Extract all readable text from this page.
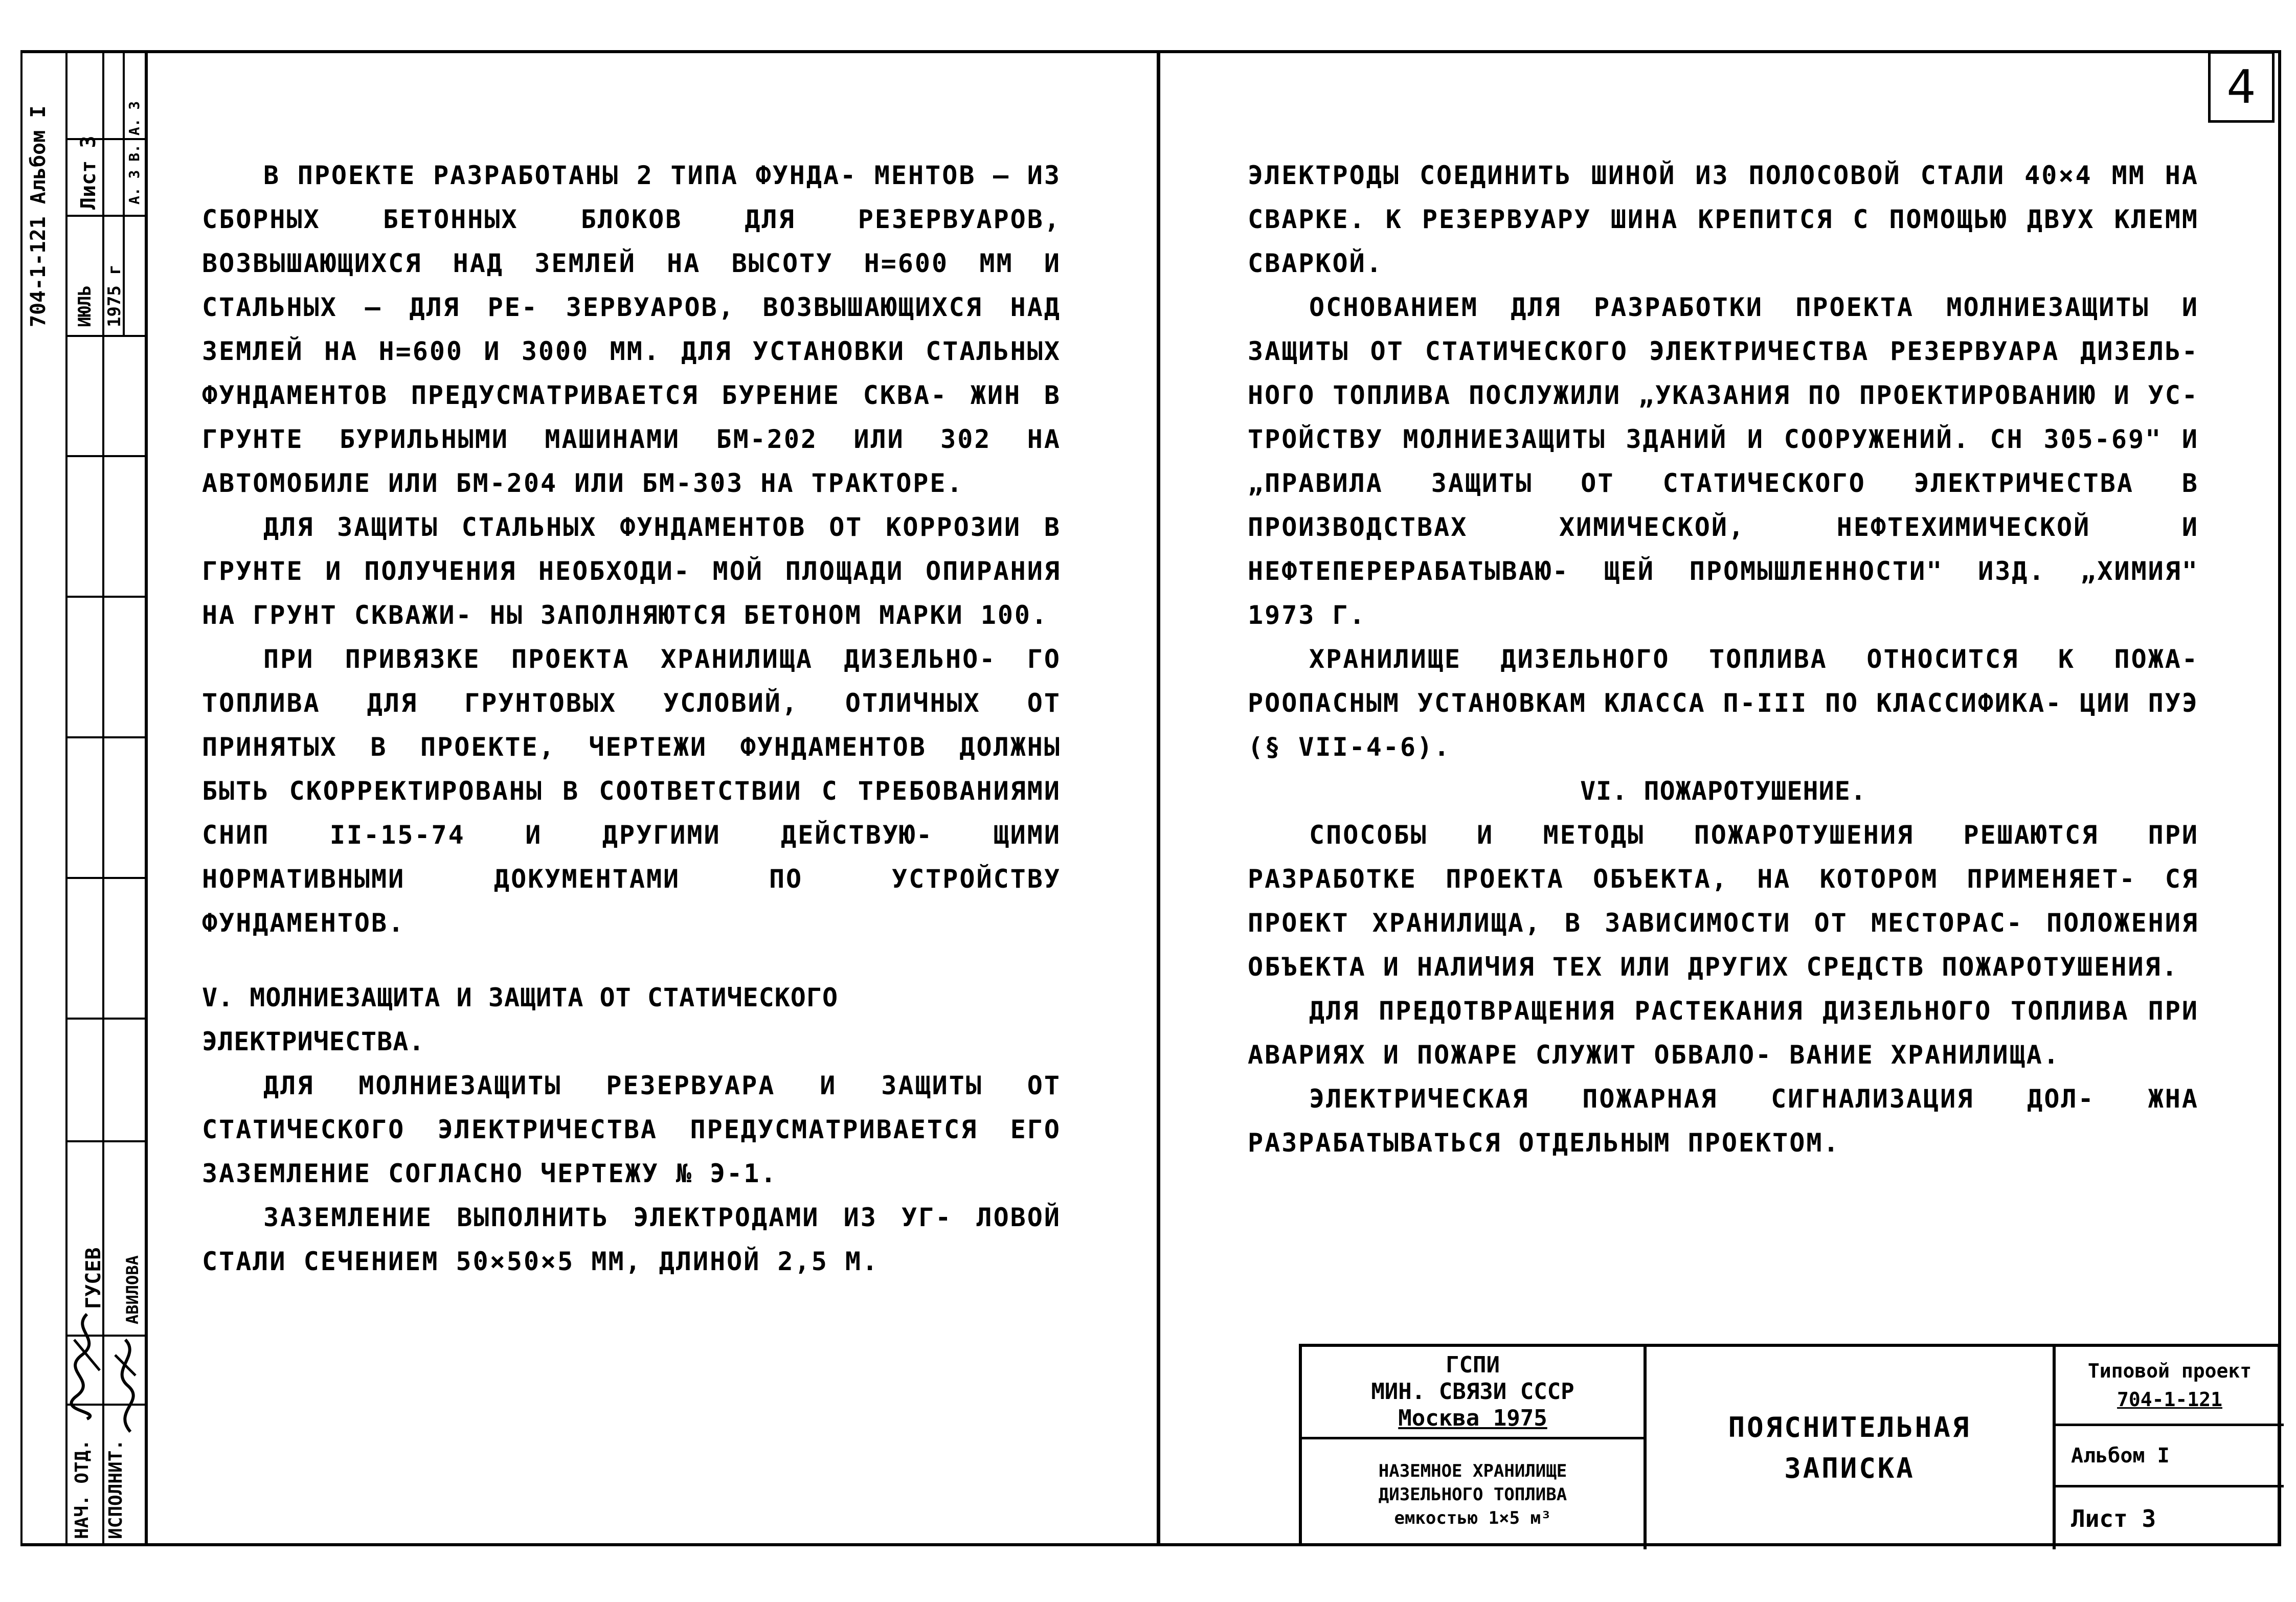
704-1-121 Альбом I ИЮЛЬ 1975 г
Лист 3 А. 3 В. А. 3
ГУСЕВ АВИЛОВА
НАЧ. ОТД. ИСПОЛНИТ.
4

В ПРОЕКТЕ РАЗРАБОТАНЫ 2 ТИПА ФУНДА- МЕНТОВ — ИЗ СБОРНЫХ БЕТОННЫХ БЛОКОВ ДЛЯ РЕЗЕРВУАРОВ, ВОЗВЫШАЮЩИХСЯ НАД ЗЕМЛЕЙ НА ВЫСОТУ H=600 ММ И СТАЛЬНЫХ — ДЛЯ РЕ- ЗЕРВУАРОВ, ВОЗВЫШАЮЩИХСЯ НАД ЗЕМЛЕЙ НА H=600 И 3000 ММ. ДЛЯ УСТАНОВКИ СТАЛЬНЫХ ФУНДАМЕНТОВ ПРЕДУСМАТРИВАЕТСЯ БУРЕНИЕ СКВА- ЖИН В ГРУНТЕ БУРИЛЬНЫМИ МАШИНАМИ БМ-202 ИЛИ 302 НА АВТОМОБИЛЕ ИЛИ БМ-204 ИЛИ БМ-303 НА ТРАКТОРЕ.

ДЛЯ ЗАЩИТЫ СТАЛЬНЫХ ФУНДАМЕНТОВ ОТ КОРРОЗИИ В ГРУНТЕ И ПОЛУЧЕНИЯ НЕОБХОДИ- МОЙ ПЛОЩАДИ ОПИРАНИЯ НА ГРУНТ СКВАЖИ- НЫ ЗАПОЛНЯЮТСЯ БЕТОНОМ МАРКИ 100.

ПРИ ПРИВЯЗКЕ ПРОЕКТА ХРАНИЛИЩА ДИЗЕЛЬНО- ГО ТОПЛИВА ДЛЯ ГРУНТОВЫХ УСЛОВИЙ, ОТЛИЧНЫХ ОТ ПРИНЯТЫХ В ПРОЕКТЕ, ЧЕРТЕЖИ ФУНДАМЕНТОВ ДОЛЖНЫ БЫТЬ СКОРРЕКТИРОВАНЫ В СООТВЕТСТВИИ С ТРЕБОВАНИЯМИ СНИП II-15-74 И ДРУГИМИ ДЕЙСТВУЮ- ЩИМИ НОРМАТИВНЫМИ ДОКУМЕНТАМИ ПО УСТРОЙСТВУ ФУНДАМЕНТОВ.

V. МОЛНИЕЗАЩИТА И ЗАЩИТА ОТ СТАТИЧЕСКОГО ЭЛЕКТРИЧЕСТВА.

ДЛЯ МОЛНИЕЗАЩИТЫ РЕЗЕРВУАРА И ЗАЩИТЫ ОТ СТАТИЧЕСКОГО ЭЛЕКТРИЧЕСТВА ПРЕДУСМАТРИВАЕТСЯ ЕГО ЗАЗЕМЛЕНИЕ СОГЛАСНО ЧЕРТЕЖУ № Э-1.

ЗАЗЕМЛЕНИЕ ВЫПОЛНИТЬ ЭЛЕКТРОДАМИ ИЗ УГ- ЛОВОЙ СТАЛИ СЕЧЕНИЕМ 50×50×5 ММ, ДЛИНОЙ 2,5 М.

ЭЛЕКТРОДЫ СОЕДИНИТЬ ШИНОЙ ИЗ ПОЛОСОВОЙ СТАЛИ 40×4 ММ НА СВАРКЕ. К РЕЗЕРВУАРУ ШИНА КРЕПИТСЯ С ПОМОЩЬЮ ДВУХ КЛЕММ СВАРКОЙ.

ОСНОВАНИЕМ ДЛЯ РАЗРАБОТКИ ПРОЕКТА МОЛНИЕЗАЩИТЫ И ЗАЩИТЫ ОТ СТАТИЧЕСКОГО ЭЛЕКТРИЧЕСТВА РЕЗЕРВУАРА ДИЗЕЛЬ- НОГО ТОПЛИВА ПОСЛУЖИЛИ „УКАЗАНИЯ ПО ПРОЕКТИРОВАНИЮ И УС- ТРОЙСТВУ МОЛНИЕЗАЩИТЫ ЗДАНИЙ И СООРУЖЕНИЙ. СН 305-69" И „ПРАВИЛА ЗАЩИТЫ ОТ СТАТИЧЕСКОГО ЭЛЕКТРИЧЕСТВА В ПРОИЗВОДСТВАХ ХИМИЧЕСКОЙ, НЕФТЕХИМИЧЕСКОЙ И НЕФТЕПЕРЕРАБАТЫВАЮ- ЩЕЙ ПРОМЫШЛЕННОСТИ" ИЗД. „ХИМИЯ" 1973 Г.

ХРАНИЛИЩЕ ДИЗЕЛЬНОГО ТОПЛИВА ОТНОСИТСЯ К ПОЖА- РООПАСНЫМ УСТАНОВКАМ КЛАССА П-III ПО КЛАССИФИКА- ЦИИ ПУЭ (§ VII-4-6).

VI. ПОЖАРОТУШЕНИЕ.

СПОСОБЫ И МЕТОДЫ ПОЖАРОТУШЕНИЯ РЕШАЮТСЯ ПРИ РАЗРАБОТКЕ ПРОЕКТА ОБЪЕКТА, НА КОТОРОМ ПРИМЕНЯЕТ- СЯ ПРОЕКТ ХРАНИЛИЩА, В ЗАВИСИМОСТИ ОТ МЕСТОРАС- ПОЛОЖЕНИЯ ОБЪЕКТА И НАЛИЧИЯ ТЕХ ИЛИ ДРУГИХ СРЕДСТВ ПОЖАРОТУШЕНИЯ.

ДЛЯ ПРЕДОТВРАЩЕНИЯ РАСТЕКАНИЯ ДИЗЕЛЬНОГО ТОПЛИВА ПРИ АВАРИЯХ И ПОЖАРЕ СЛУЖИТ ОБВАЛО- ВАНИЕ ХРАНИЛИЩА.

ЭЛЕКТРИЧЕСКАЯ ПОЖАРНАЯ СИГНАЛИЗАЦИЯ ДОЛ- ЖНА РАЗРАБАТЫВАТЬСЯ ОТДЕЛЬНЫМ ПРОЕКТОМ.

ГСПИ
МИН. СВЯЗИ СССР
Москва 1975
НАЗЕМНОЕ ХРАНИЛИЩЕ
ДИЗЕЛЬНОГО ТОПЛИВА
емкостью 1×5 м³
ПОЯСНИТЕЛЬНАЯ
ЗАПИСКА
Типовой проект
704-1-121
Альбом I
Лист 3
